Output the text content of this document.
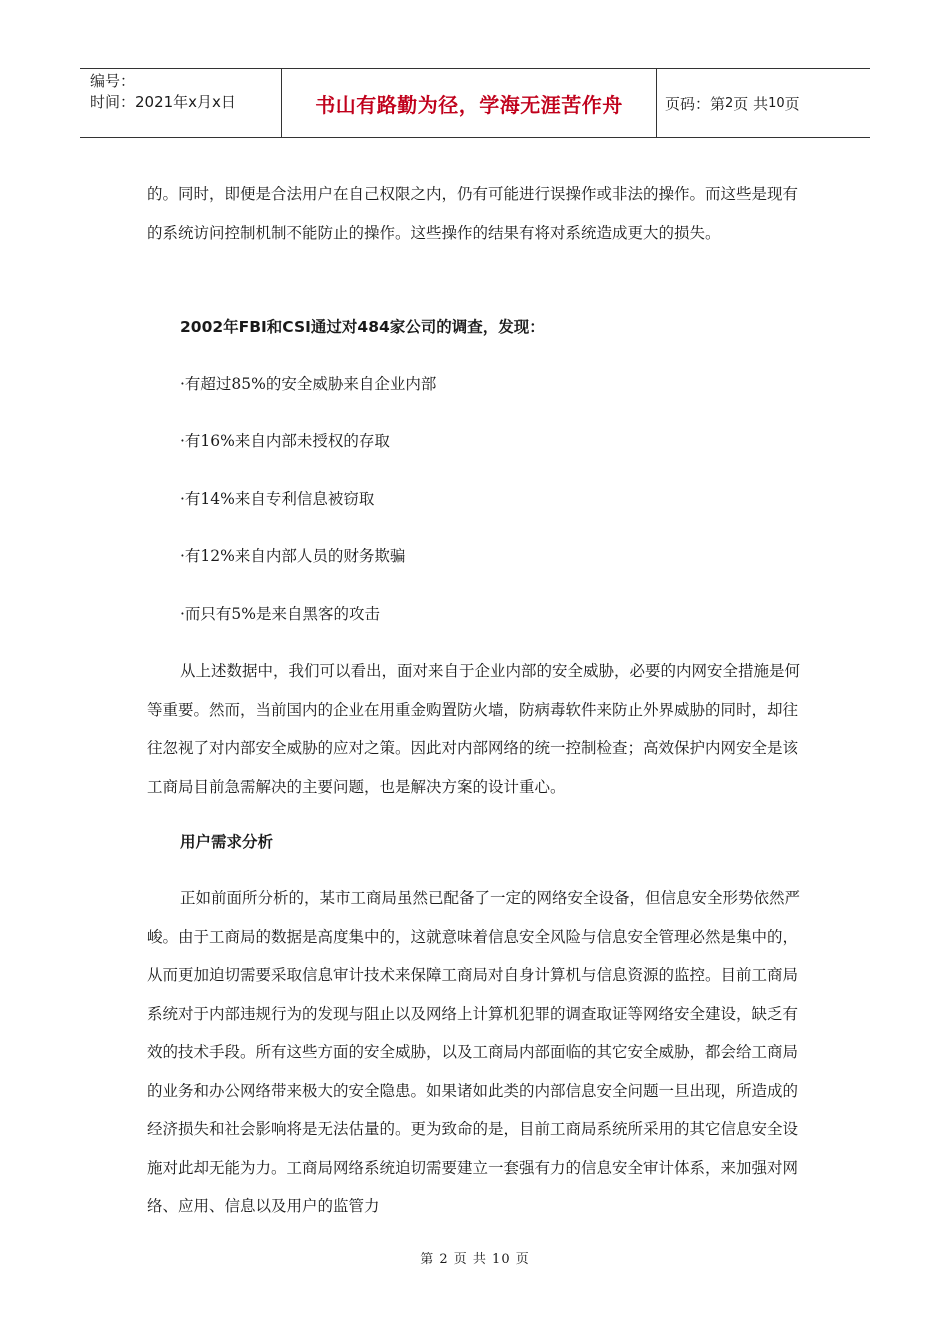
编号：
时间：2021年x月x日	书山有路勤为径，学海无涯苦作舟	页码：第 2 页 共 10 页

的。同时，即便是合法用户在自己权限之内，仍有可能进行误操作或非法的操作。而这些是现有的系统访问控制机制不能防止的操作。这些操作的结果有将对系统造成更大的损失。

2002年FBI和CSI通过对484家公司的调查，发现：

·有超过85%的安全威胁来自企业内部

·有16%来自内部未授权的存取

·有14%来自专利信息被窃取

·有12%来自内部人员的财务欺骗

·而只有5%是来自黑客的攻击

从上述数据中，我们可以看出，面对来自于企业内部的安全威胁，必要的内网安全措施是何等重要。然而，当前国内的企业在用重金购置防火墙，防病毒软件来防止外界威胁的同时，却往往忽视了对内部安全威胁的应对之策。因此对内部网络的统一控制检查；高效保护内网安全是该工商局目前急需解决的主要问题，也是解决方案的设计重心。

用户需求分析

正如前面所分析的，某市工商局虽然已配备了一定的网络安全设备，但信息安全形势依然严峻。由于工商局的数据是高度集中的，这就意味着信息安全风险与信息安全管理必然是集中的，从而更加迫切需要采取信息审计技术来保障工商局对自身计算机与信息资源的监控。目前工商局系统对于内部违规行为的发现与阻止以及网络上计算机犯罪的调查取证等网络安全建设，缺乏有效的技术手段。所有这些方面的安全威胁，以及工商局内部面临的其它安全威胁，都会给工商局的业务和办公网络带来极大的安全隐患。如果诸如此类的内部信息安全问题一旦出现，所造成的经济损失和社会影响将是无法估量的。更为致命的是，目前工商局系统所采用的其它信息安全设施对此却无能为力。工商局网络系统迫切需要建立一套强有力的信息安全审计体系，来加强对网络、应用、信息以及用户的监管力

第 2 页 共 10 页
